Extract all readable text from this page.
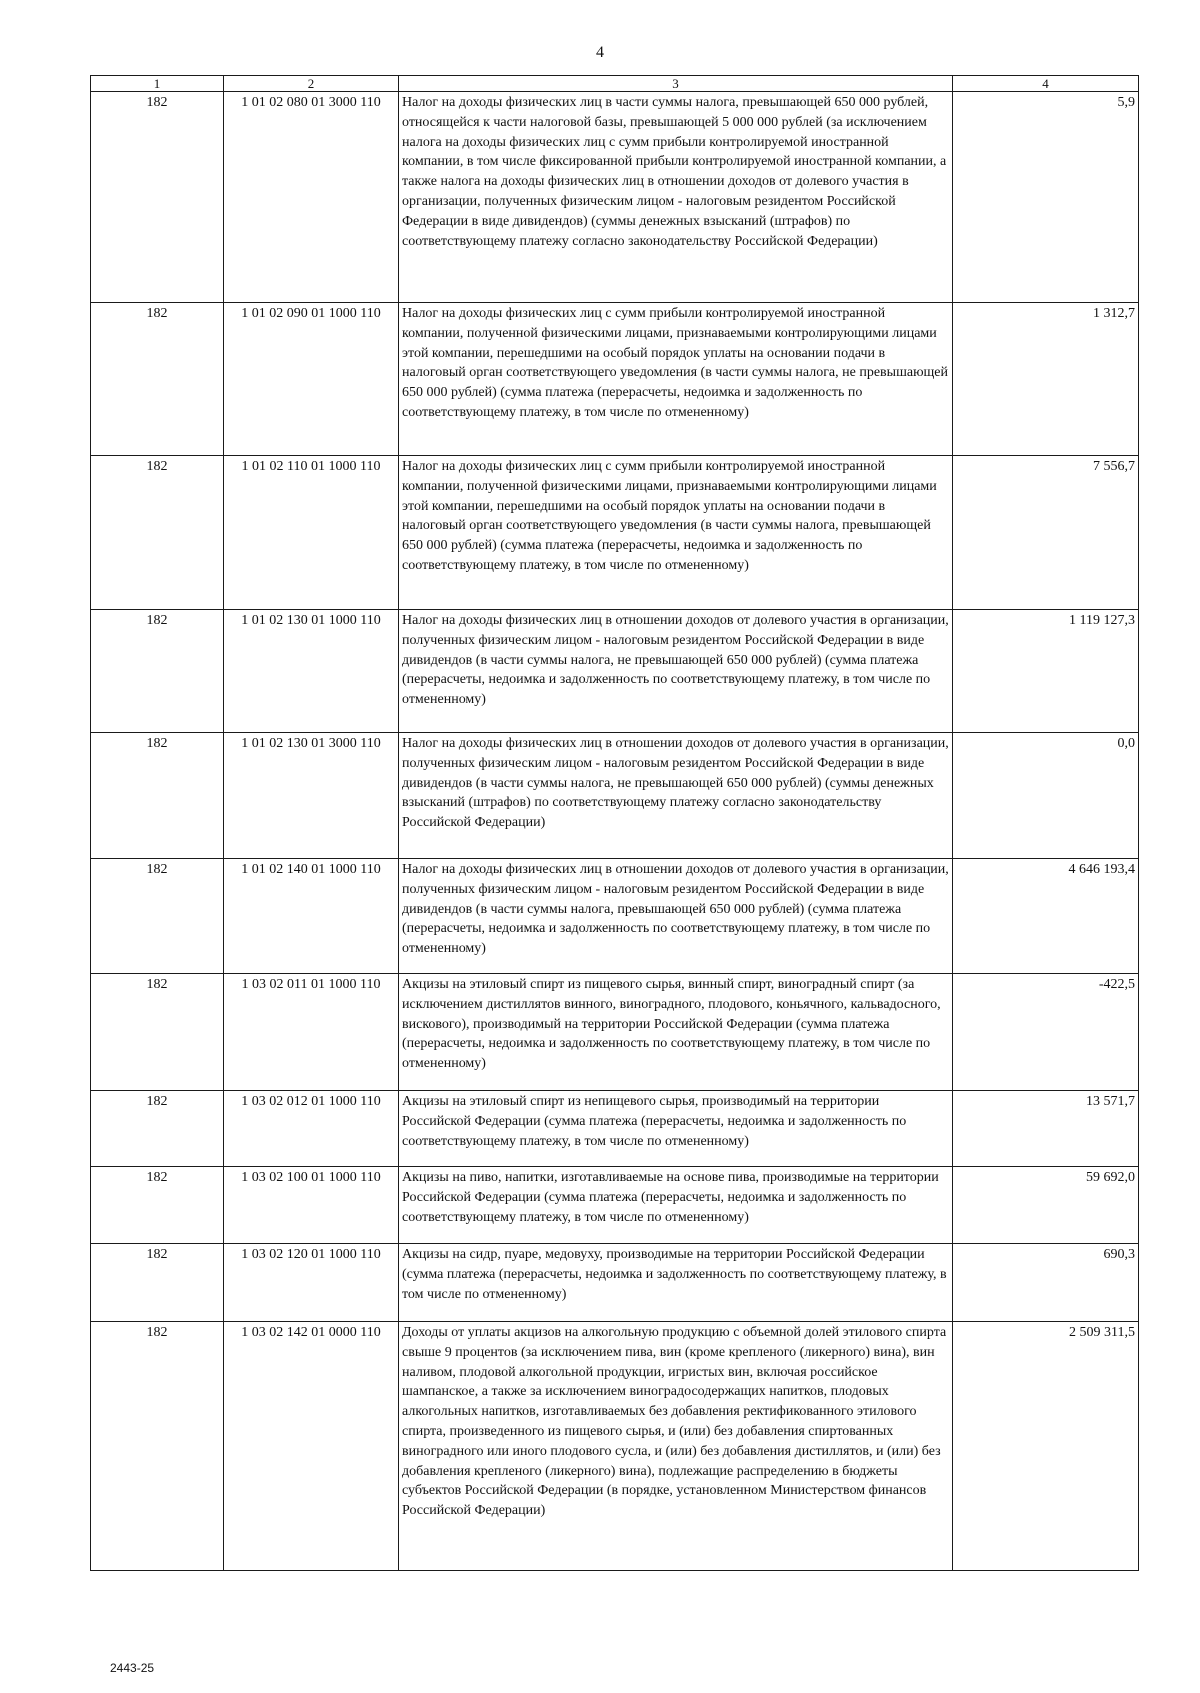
4
1	2	3	4
182	1 01 02 080 01 3000 110	Налог на доходы физических лиц в части суммы налога, превышающей 650 000 рублей, относящейся к части налоговой базы, превышающей 5 000 000 рублей (за исключением налога на доходы физических лиц с сумм прибыли контролируемой иностранной компании, в том числе фиксированной прибыли контролируемой иностранной компании, а также налога на доходы физических лиц в отношении доходов от долевого участия в организации, полученных физическим лицом - налоговым резидентом Российской Федерации в виде дивидендов) (суммы денежных взысканий (штрафов) по соответствующему платежу согласно законодательству Российской Федерации)	5,9
182	1 01 02 090 01 1000 110	Налог на доходы физических лиц с сумм прибыли контролируемой иностранной компании, полученной физическими лицами, признаваемыми контролирующими лицами этой компании, перешедшими на особый порядок уплаты на основании подачи в налоговый орган соответствующего уведомления (в части суммы налога, не превышающей 650 000 рублей) (сумма платежа (перерасчеты, недоимка и задолженность по соответствующему платежу, в том числе по отмененному)	1 312,7
182	1 01 02 110 01 1000 110	Налог на доходы физических лиц с сумм прибыли контролируемой иностранной компании, полученной физическими лицами, признаваемыми контролирующими лицами этой компании, перешедшими на особый порядок уплаты на основании подачи в налоговый орган соответствующего уведомления (в части суммы налога, превышающей 650 000 рублей) (сумма платежа (перерасчеты, недоимка и задолженность по соответствующему платежу, в том числе по отмененному)	7 556,7
182	1 01 02 130 01 1000 110	Налог на доходы физических лиц в отношении доходов от долевого участия в организации, полученных физическим лицом - налоговым резидентом Российской Федерации в виде дивидендов (в части суммы налога, не превышающей 650 000 рублей) (сумма платежа (перерасчеты, недоимка и задолженность по соответствующему платежу, в том числе по отмененному)	1 119 127,3
182	1 01 02 130 01 3000 110	Налог на доходы физических лиц в отношении доходов от долевого участия в организации, полученных физическим лицом - налоговым резидентом Российской Федерации в виде дивидендов (в части суммы налога, не превышающей 650 000 рублей) (суммы денежных взысканий (штрафов) по соответствующему платежу согласно законодательству Российской Федерации)	0,0
182	1 01 02 140 01 1000 110	Налог на доходы физических лиц в отношении доходов от долевого участия в организации, полученных физическим лицом - налоговым резидентом Российской Федерации в виде дивидендов (в части суммы налога, превышающей 650 000 рублей) (сумма платежа (перерасчеты, недоимка и задолженность по соответствующему платежу, в том числе по отмененному)	4 646 193,4
182	1 03 02 011 01 1000 110	Акцизы на этиловый спирт из пищевого сырья, винный спирт, виноградный спирт (за исключением дистиллятов винного, виноградного, плодового, коньячного, кальвадосного, вискового), производимый на территории Российской Федерации (сумма платежа (перерасчеты, недоимка и задолженность по соответствующему платежу, в том числе по отмененному)	-422,5
182	1 03 02 012 01 1000 110	Акцизы на этиловый спирт из непищевого сырья, производимый на территории Российской Федерации (сумма платежа (перерасчеты, недоимка и задолженность по соответствующему платежу, в том числе по отмененному)	13 571,7
182	1 03 02 100 01 1000 110	Акцизы на пиво, напитки, изготавливаемые на основе пива, производимые на территории Российской Федерации (сумма платежа (перерасчеты, недоимка и задолженность по соответствующему платежу, в том числе по отмененному)	59 692,0
182	1 03 02 120 01 1000 110	Акцизы на сидр, пуаре, медовуху, производимые на территории Российской Федерации (сумма платежа (перерасчеты, недоимка и задолженность по соответствующему платежу, в том числе по отмененному)	690,3
182	1 03 02 142 01 0000 110	Доходы от уплаты акцизов на алкогольную продукцию с объемной долей этилового спирта свыше 9 процентов (за исключением пива, вин (кроме крепленого (ликерного) вина), вин наливом, плодовой алкогольной продукции, игристых вин, включая российское шампанское, а также за исключением виноградосодержащих напитков, плодовых алкогольных напитков, изготавливаемых без добавления ректификованного этилового спирта, произведенного из пищевого сырья, и (или) без добавления спиртованных виноградного или иного плодового сусла, и (или) без добавления дистиллятов, и (или) без добавления крепленого (ликерного) вина), подлежащие распределению в бюджеты субъектов Российской Федерации (в порядке, установленном Министерством финансов Российской Федерации)	2 509 311,5
2443-25
